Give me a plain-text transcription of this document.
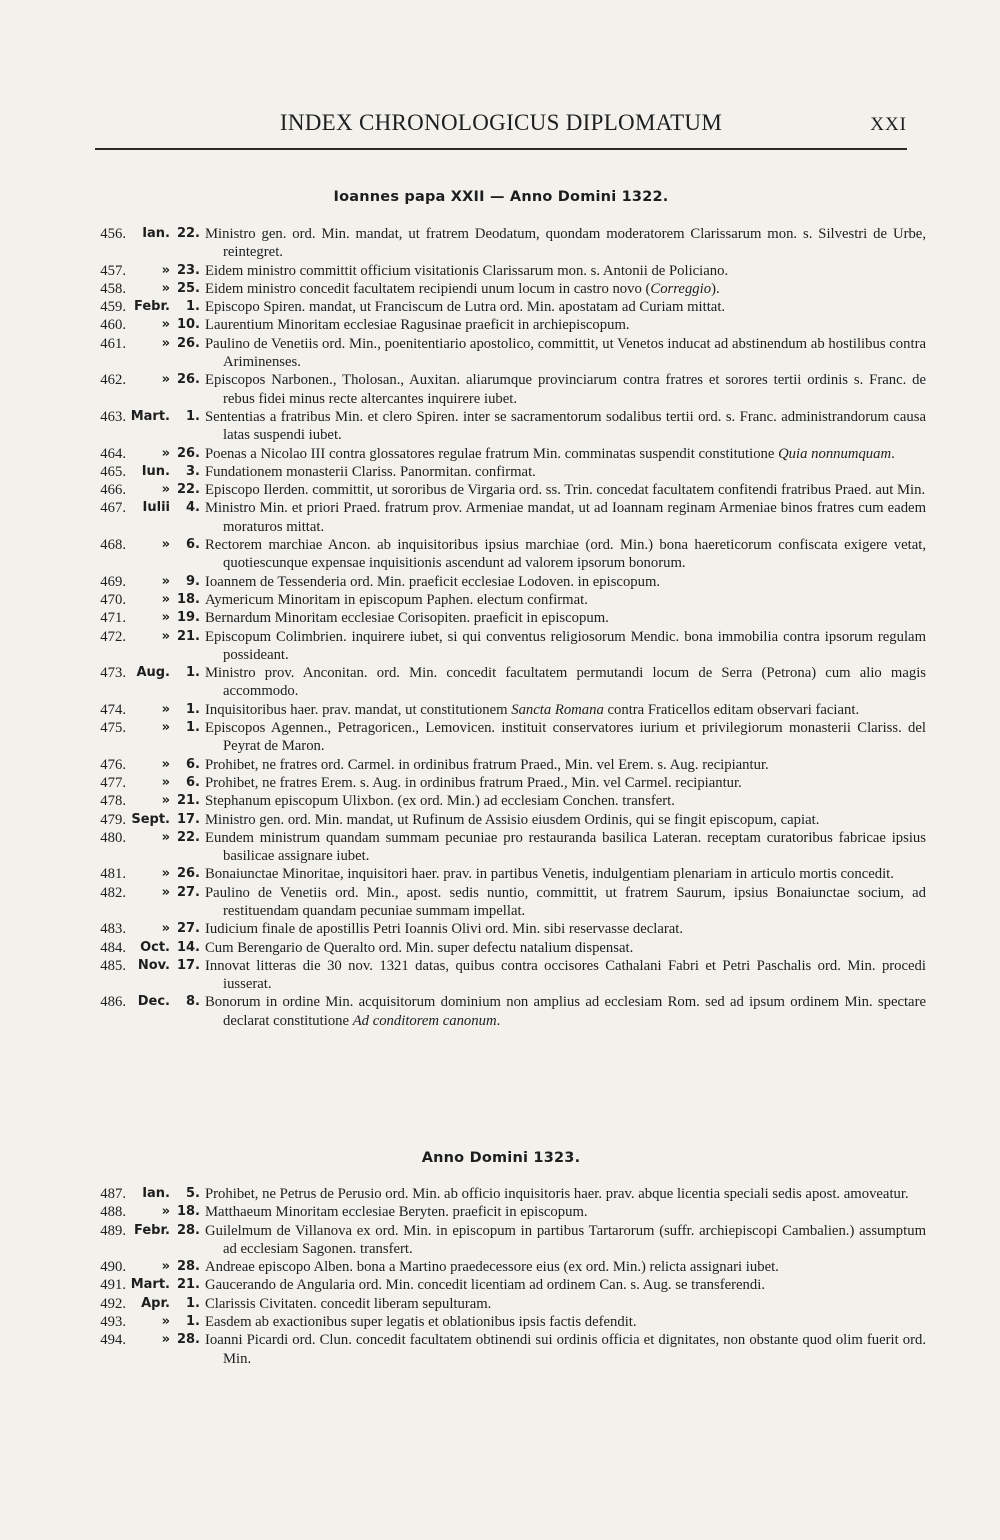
INDEX CHRONOLOGICUS DIPLOMATUM	XXI
Ioannes papa XXII — Anno Domini 1322.
456.	Ian. 22. Ministro gen. ord. Min. mandat, ut fratrem Deodatum, quondam moderatorem Clarissarum mon. s. Silvestri de Urbe, reintegret.
457.	» 23. Eidem ministro committit officium visitationis Clarissarum mon. s. Antonii de Policiano.
458.	» 25. Eidem ministro concedit facultatem recipiendi unum locum in castro novo (Correggio).
459. Febr.	1. Episcopo Spiren. mandat, ut Franciscum de Lutra ord. Min. apostatam ad Curiam mittat.
460.	» 10. Laurentium Minoritam ecclesiae Ragusinae praeficit in archiepiscopum.
461.	» 26. Paulino de Venetiis ord. Min., poenitentiario apostolico, committit, ut Venetos inducat ad abstinendum ab hostilibus contra Ariminenses.
462.	» 26. Episcopos Narbonen., Tholosan., Auxitan. aliarumque provinciarum contra fratres et sorores tertii ordinis s. Franc. de rebus fidei minus recte altercantes inquirere iubet.
463. Mart.	1. Sententias a fratribus Min. et clero Spiren. inter se sacramentorum sodalibus tertii ord. s. Franc. administrandorum causa latas suspendi iubet.
464.	» 26. Poenas a Nicolao III contra glossatores regulae fratrum Min. comminatas suspendit constitutione Quia nonnumquam.
465.	Iun.	3. Fundationem monasterii Clariss. Panormitan. confirmat.
466.	» 22. Episcopo Ilerden. committit, ut sororibus de Virgaria ord. ss. Trin. concedat facultatem confitendi fratribus Praed. aut Min.
467.	Iulii	4. Ministro Min. et priori Praed. fratrum prov. Armeniae mandat, ut ad Ioannam reginam Armeniae binos fratres cum eadem moraturos mittat.
468.	»	6. Rectorem marchiae Ancon. ab inquisitoribus ipsius marchiae (ord. Min.) bona haereticorum confiscata exigere vetat, quotiescunque expensae inquisitionis ascendunt ad valorem ipsorum bonorum.
469.	»	9. Ioannem de Tessenderia ord. Min. praeficit ecclesiae Lodoven. in episcopum.
470.	» 18. Aymericum Minoritam in episcopum Paphen. electum confirmat.
471.	» 19. Bernardum Minoritam ecclesiae Corisopiten. praeficit in episcopum.
472.	» 21. Episcopum Colimbrien. inquirere iubet, si qui conventus religiosorum Mendic. bona immobilia contra ipsorum regulam possideant.
473. Aug.	1. Ministro prov. Anconitan. ord. Min. concedit facultatem permutandi locum de Serra (Petrona) cum alio magis accommodo.
474.	»	1. Inquisitoribus haer. prav. mandat, ut constitutionem Sancta Romana contra Fraticellos editam observari faciant.
475.	»	1. Episcopos Agennen., Petragoricen., Lemovicen. instituit conservatores iurium et privilegiorum monasterii Clariss. del Peyrat de Maron.
476.	»	6. Prohibet, ne fratres ord. Carmel. in ordinibus fratrum Praed., Min. vel Erem. s. Aug. recipiantur.
477.	»	6. Prohibet, ne fratres Erem. s. Aug. in ordinibus fratrum Praed., Min. vel Carmel. recipiantur.
478.	» 21. Stephanum episcopum Ulixbon. (ex ord. Min.) ad ecclesiam Conchen. transfert.
479. Sept. 17. Ministro gen. ord. Min. mandat, ut Rufinum de Assisio eiusdem Ordinis, qui se fingit episcopum, capiat.
480.	» 22. Eundem ministrum quandam summam pecuniae pro restauranda basilica Lateran. receptam curatoribus fabricae ipsius basilicae assignare iubet.
481.	» 26. Bonaiunctae Minoritae, inquisitori haer. prav. in partibus Venetis, indulgentiam plenariam in articulo mortis concedit.
482.	» 27. Paulino de Venetiis ord. Min., apost. sedis nuntio, committit, ut fratrem Saurum, ipsius Bonaiunctae socium, ad restituendam quandam pecuniae summam impellat.
483.	» 27. Iudicium finale de apostillis Petri Ioannis Olivi ord. Min. sibi reservasse declarat.
484.	Oct. 14. Cum Berengario de Queralto ord. Min. super defectu natalium dispensat.
485. Nov. 17. Innovat litteras die 30 nov. 1321 datas, quibus contra occisores Cathalani Fabri et Petri Paschalis ord. Min. procedi iusserat.
486. Dec.	8. Bonorum in ordine Min. acquisitorum dominium non amplius ad ecclesiam Rom. sed ad ipsum ordinem Min. spectare declarat constitutione Ad conditorem canonum.
Anno Domini 1323.
487.	Ian.	5. Prohibet, ne Petrus de Perusio ord. Min. ab officio inquisitoris haer. prav. abque licentia speciali sedis apost. amoveatur.
488.	» 18. Matthaeum Minoritam ecclesiae Beryten. praeficit in episcopum.
489. Febr. 28. Guilelmum de Villanova ex ord. Min. in episcopum in partibus Tartarorum (suffr. archiepiscopi Cambalien.) assumptum ad ecclesiam Sagonen. transfert.
490.	» 28. Andreae episcopo Alben. bona a Martino praedecessore eius (ex ord. Min.) relicta assignari iubet.
491. Mart. 21. Gaucerando de Angularia ord. Min. concedit licentiam ad ordinem Can. s. Aug. se transferendi.
492.	Apr.	1. Clarissis Civitaten. concedit liberam sepulturam.
493.	»	1. Easdem ab exactionibus super legatis et oblationibus ipsis factis defendit.
494.	» 28. Ioanni Picardi ord. Clun. concedit facultatem obtinendi sui ordinis officia et dignitates, non obstante quod olim fuerit ord. Min.
